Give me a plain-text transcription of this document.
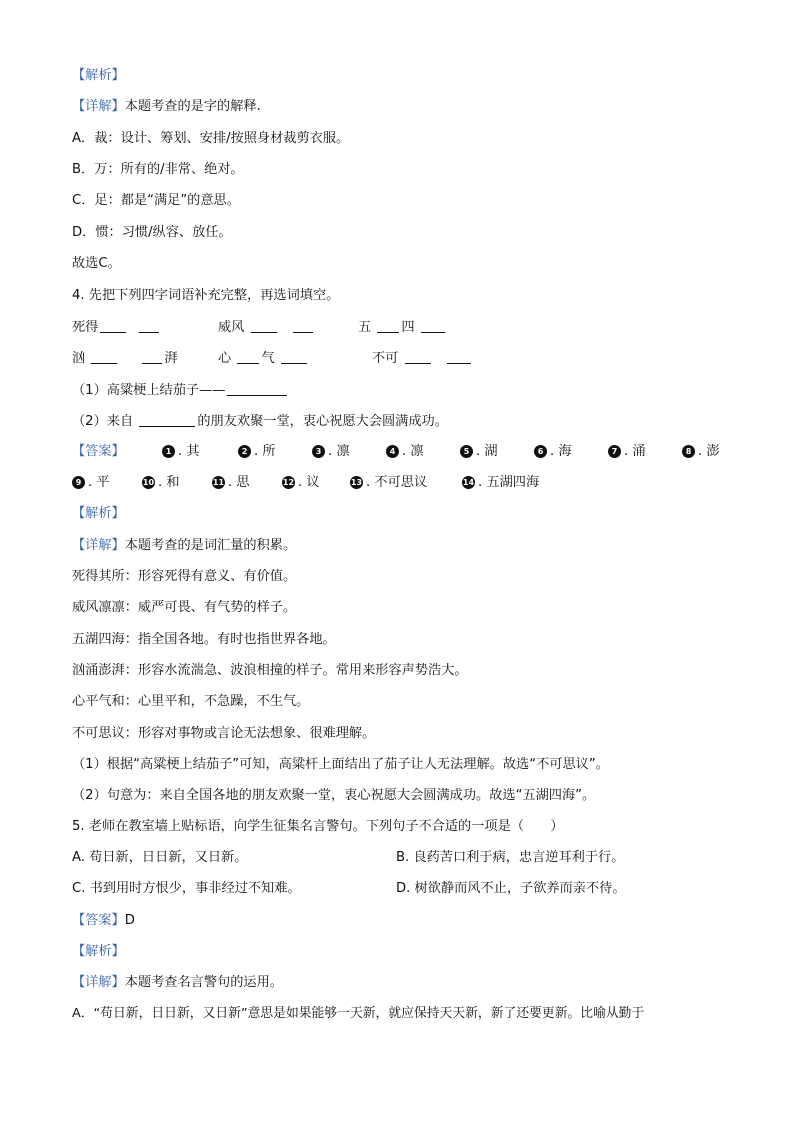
【解析】
【详解】本题考查的是字的解释.
A．裁：设计、筹划、安排/按照身材裁剪衣服。
B．万：所有的/非常、绝对。
C．足：都是“满足”的意思。
D．惯：习惯/纵容、放任。
故选C。
4. 先把下列四字词语补充完整，再选词填空。
死得	威风	五 四
汹	湃	心 气	不可
（1）高粱梗上结茄子——
（2）来自	的朋友欢聚一堂，衷心祝愿大会圆满成功。
【答案】	1 . 其	2 . 所	3 . 凛	4 . 凛	5 . 湖	6 . 海	7 . 涌	8 . 澎
9 . 平	10 . 和	11 . 思	12 . 议	13 . 不可思议	14 . 五湖四海
【解析】
【详解】本题考查的是词汇量的积累。
死得其所：形容死得有意义、有价值。
威风凛凛：威严可畏、有气势的样子。
五湖四海：指全国各地。有时也指世界各地。
汹涌澎湃：形容水流湍急、波浪相撞的样子。常用来形容声势浩大。
心平气和：心里平和，不急躁，不生气。
不可思议：形容对事物或言论无法想象、很难理解。
（1）根据“高粱梗上结茄子”可知，高粱杆上面结出了茄子让人无法理解。故选“不可思议”。
（2）句意为：来自全国各地的朋友欢聚一堂，衷心祝愿大会圆满成功。故选“五湖四海”。
5. 老师在教室墙上贴标语，向学生征集名言警句。下列句子不合适的一项是（　　）
A. 苟日新，日日新，又日新。	B. 良药苦口利于病，忠言逆耳利于行。
C. 书到用时方恨少，事非经过不知难。	D. 树欲静而风不止，子欲养而亲不待。
【答案】D
【解析】
【详解】本题考查名言警句的运用。
A．“苟日新，日日新，又日新”意思是如果能够一天新，就应保持天天新，新了还要更新。比喻从勤于
